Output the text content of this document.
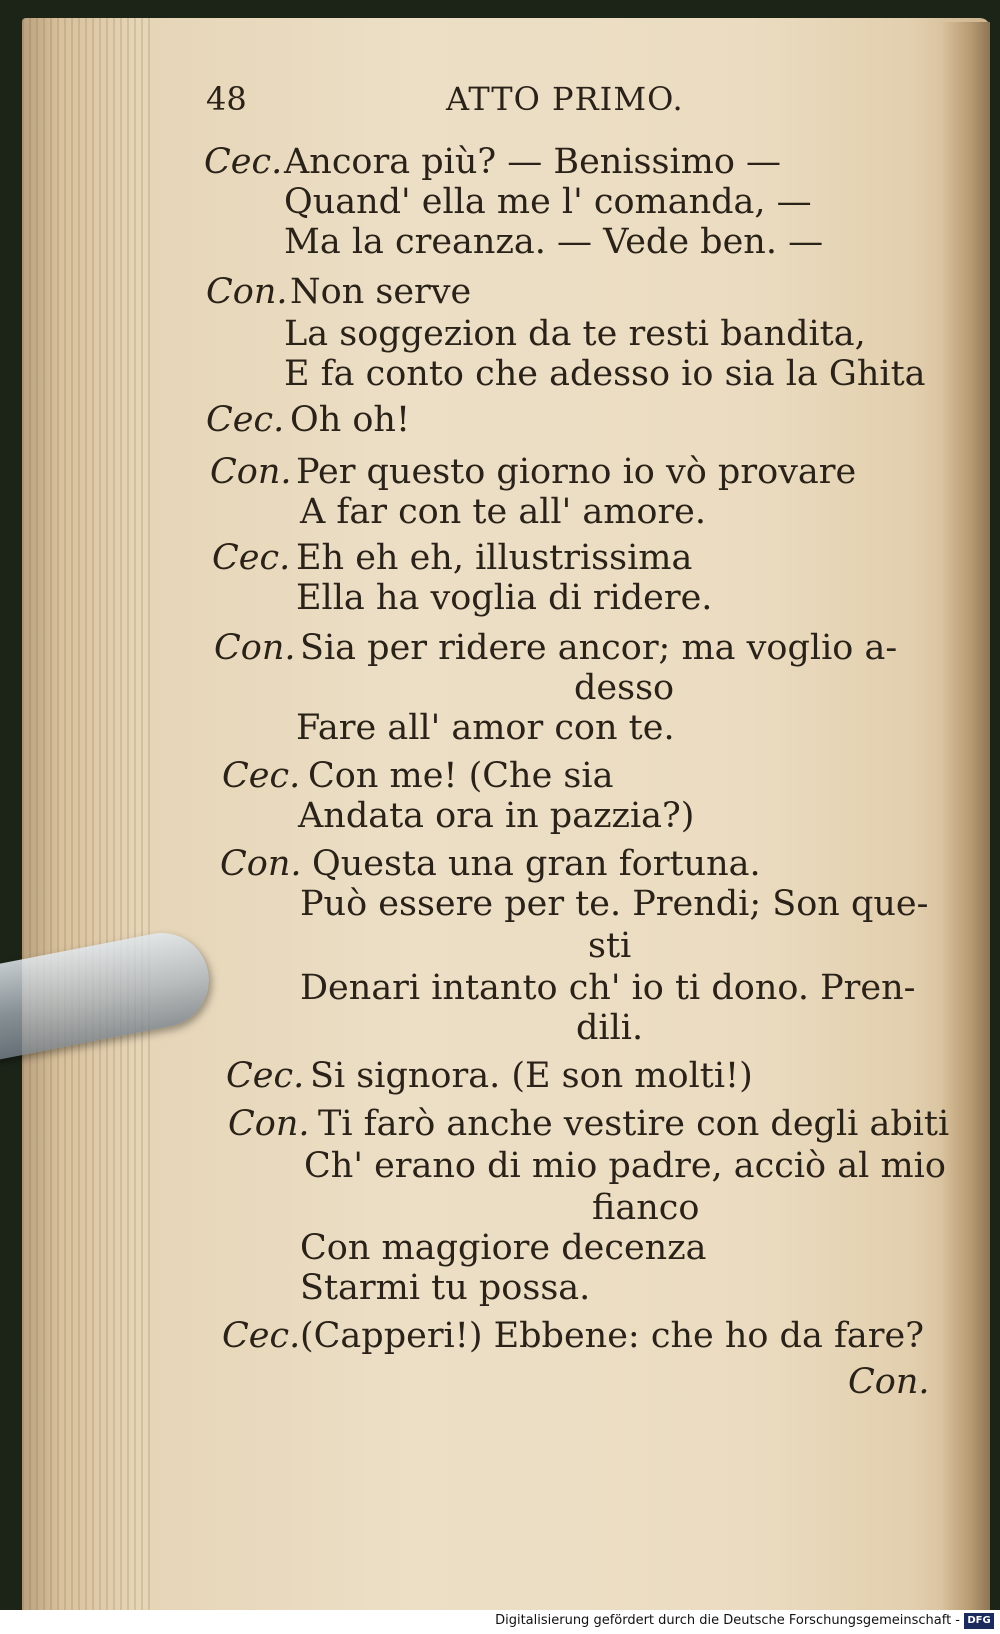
48	ATTO PRIMO.
Cec. Ancora più? — Benissimo —
Quand' ella me l' comanda, —
Ma la creanza. — Vede ben. —
Con. Non serve
La soggezion da te resti bandita,
E fa conto che adesso io sia la Ghita
Cec. Oh oh!
Con. Per questo giorno io vò provare
A far con te all' amore.
Cec. Eh eh eh, illustrissima
Ella ha voglia di ridere.
Con. Sia per ridere ancor; ma voglio a-
desso
Fare all' amor con te.
Cec. Con me! (Che sia
Andata ora in pazzia?)
Con. Questa una gran fortuna.
Può essere per te. Prendi; Son que-
sti
Denari intanto ch' io ti dono. Pren-
dili.
Cec. Si signora. (E son molti!)
Con. Ti farò anche vestire con degli abiti
Ch' erano di mio padre, acciò al mio
fianco
Con maggiore decenza
Starmi tu possa.
Cec. (Capperi!) Ebbene: che ho da fare?
Con.
Digitalisierung gefördert durch die Deutsche Forschungsgemeinschaft - DFG
